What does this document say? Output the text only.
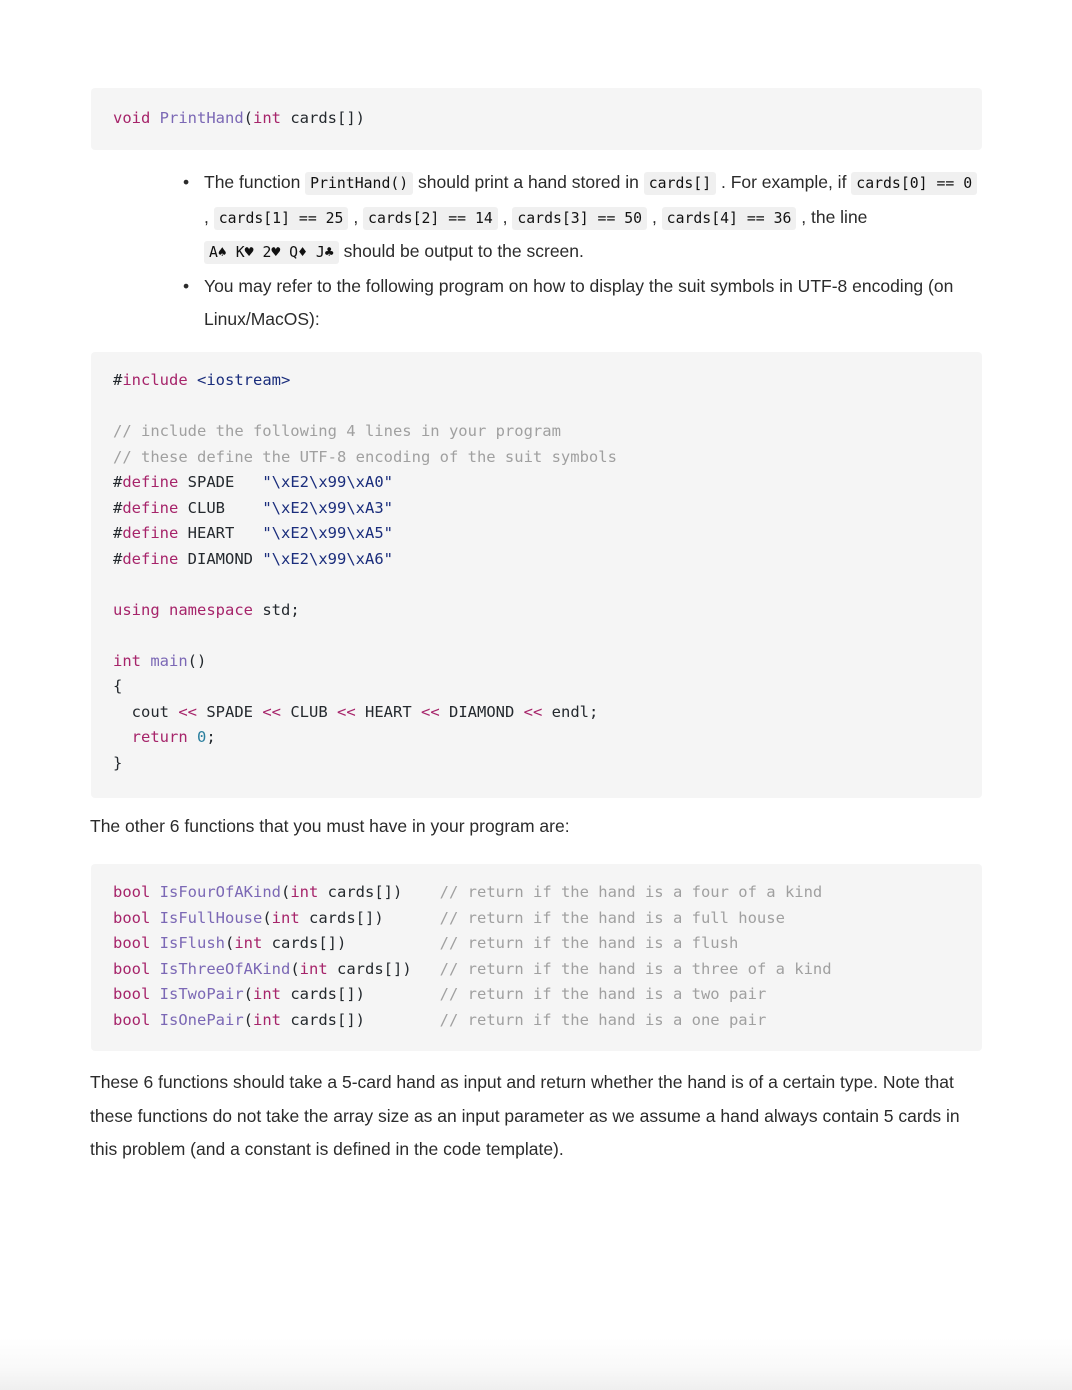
void PrintHand(int cards[])
• The function PrintHand() should print a hand stored in cards[] . For example, if cards[0] == 0 , cards[1] == 25 , cards[2] == 14 , cards[3] == 50 , cards[4] == 36 , the line A♠ K♥ 2♥ Q♦ J♣ should be output to the screen.
• You may refer to the following program on how to display the suit symbols in UTF-8 encoding (on Linux/MacOS):
#include <iostream>

// include the following 4 lines in your program
// these define the UTF-8 encoding of the suit symbols
#define SPADE   "\xE2\x99\xA0"
#define CLUB    "\xE2\x99\xA3"
#define HEART   "\xE2\x99\xA5"
#define DIAMOND "\xE2\x99\xA6"

using namespace std;

int main()
{
cout << SPADE << CLUB << HEART << DIAMOND << endl;
return 0;
}

The other 6 functions that you must have in your program are:

bool IsFourOfAKind(int cards[])    // return if the hand is a four of a kind
bool IsFullHouse(int cards[])      // return if the hand is a full house
bool IsFlush(int cards[])          // return if the hand is a flush
bool IsThreeOfAKind(int cards[])   // return if the hand is a three of a kind
bool IsTwoPair(int cards[])        // return if the hand is a two pair
bool IsOnePair(int cards[])        // return if the hand is a one pair

These 6 functions should take a 5-card hand as input and return whether the hand is of a certain type. Note that these functions do not take the array size as an input parameter as we assume a hand always contain 5 cards in this problem (and a constant is defined in the code template).
